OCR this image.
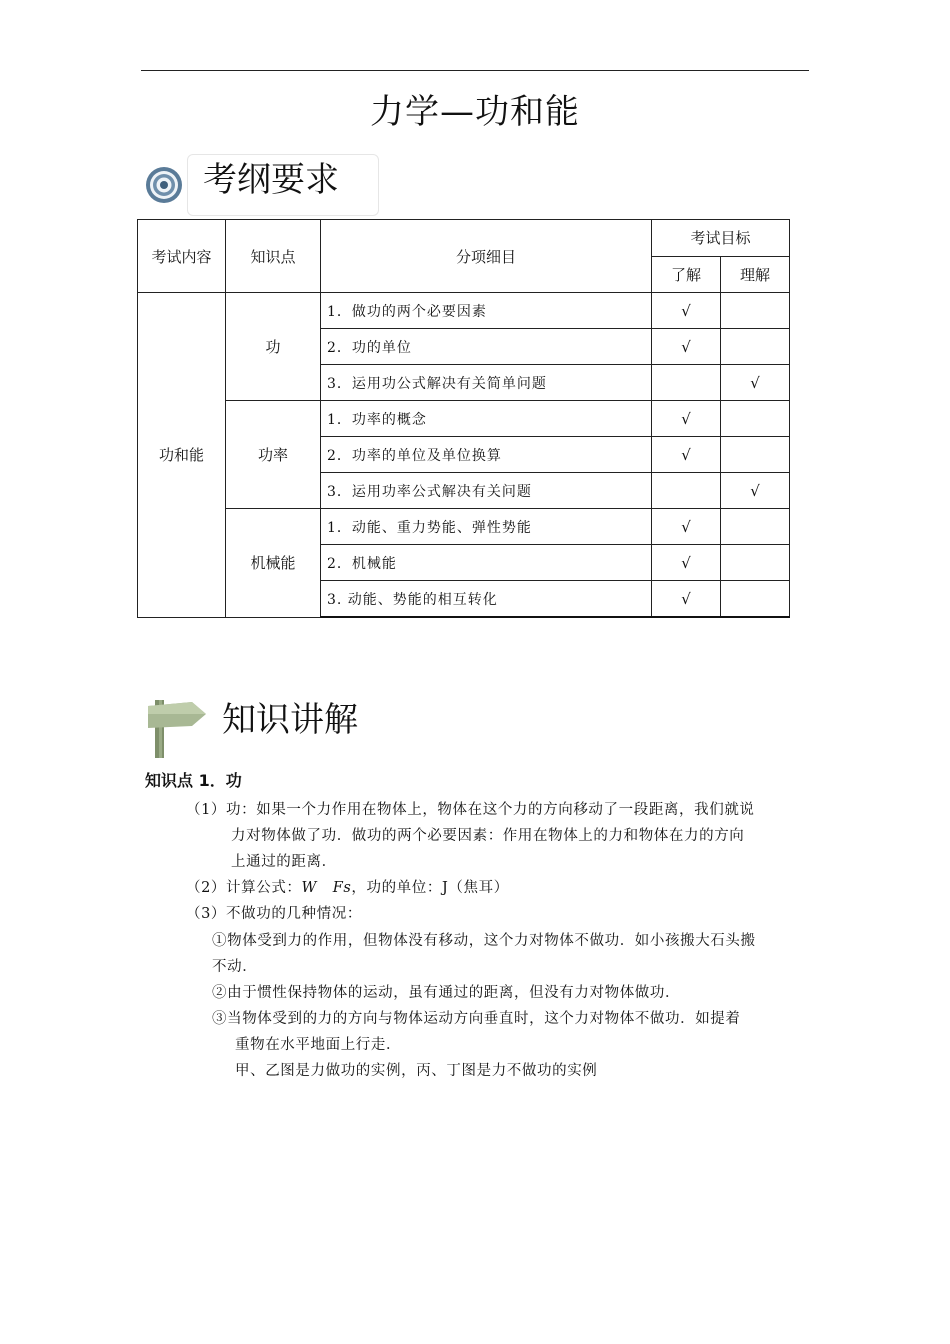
力学—功和能
考纲要求
考试内容	知识点	分项细目	考试目标	
			了解	理解
功和能	功	1．做功的两个必要因素	√	
		2．功的单位	√	
		3．运用功公式解决有关简单问题		√
	功率	1．功率的概念	√	
		2．功率的单位及单位换算	√	
		3．运用功率公式解决有关问题		√
	机械能	1．动能、重力势能、弹性势能	√	
		2．机械能	√	
		3. 动能、势能的相互转化	√	
知识讲解
知识点 1．功
（1）功：如果一个力作用在物体上，物体在这个力的方向移动了一段距离，我们就说
力对物体做了功．做功的两个必要因素：作用在物体上的力和物体在力的方向
上通过的距离．
（2）计算公式：W Fs，功的单位：J（焦耳）
（3）不做功的几种情况：
①物体受到力的作用，但物体没有移动，这个力对物体不做功．如小孩搬大石头搬
不动．
②由于惯性保持物体的运动，虽有通过的距离，但没有力对物体做功．
③当物体受到的力的方向与物体运动方向垂直时，这个力对物体不做功．如提着
重物在水平地面上行走．
甲、乙图是力做功的实例，丙、丁图是力不做功的实例
